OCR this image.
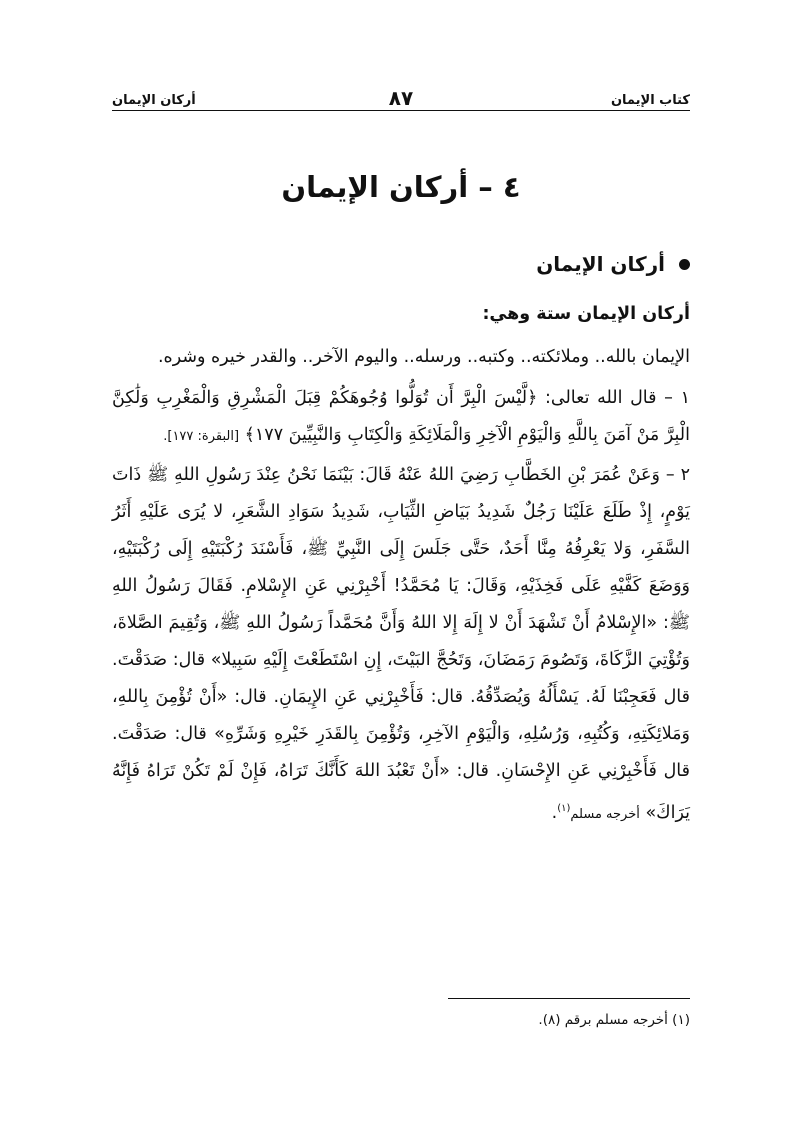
كتاب الإيمان
٨٧
أركان الإيمان
٤ – أركان الإيمان
أركان الإيمان

أركان الإيمان ستة وهي:

الإيمان بالله.. وملائكته.. وكتبه.. ورسله.. واليوم الآخر.. والقدر خيره وشره.

١ – قال الله تعالى: ﴿لَّيْسَ الْبِرَّ أَن تُوَلُّوا وُجُوهَكُمْ قِبَلَ الْمَشْرِقِ وَالْمَغْرِبِ وَلَٰكِنَّ الْبِرَّ مَنْ آمَنَ بِاللَّهِ وَالْيَوْمِ الْآخِرِ وَالْمَلَائِكَةِ وَالْكِتَابِ وَالنَّبِيِّينَ ١٧٧﴾ [البقرة: ١٧٧].

٢ – وَعَنْ عُمَرَ بْنِ الخَطَّابِ رَضِيَ اللهُ عَنْهُ قَالَ: بَيْنَمَا نَحْنُ عِنْدَ رَسُولِ اللهِ ﷺ ذَاتَ يَوْمٍ، إِذْ طَلَعَ عَلَيْنَا رَجُلٌ شَدِيدُ بَيَاضِ الثِّيَابِ، شَدِيدُ سَوَادِ الشَّعَرِ، لا يُرَى عَلَيْهِ أَثَرُ السَّفَرِ، وَلا يَعْرِفُهُ مِنَّا أَحَدٌ، حَتَّى جَلَسَ إِلَى النَّبِيِّ ﷺ، فَأَسْنَدَ رُكْبَتَيْهِ إِلَى رُكْبَتَيْهِ، وَوَضَعَ كَفَّيْهِ عَلَى فَخِذَيْهِ، وَقَالَ: يَا مُحَمَّدُ! أَخْبِرْنِي عَنِ الإِسْلامِ. فَقَالَ رَسُولُ اللهِ ﷺ: «الإِسْلامُ أَنْ تَشْهَدَ أَنْ لا إِلَهَ إِلا اللهُ وَأَنَّ مُحَمَّداً رَسُولُ اللهِ ﷺ، وَتُقِيمَ الصَّلاةَ، وَتُؤْتِيَ الزَّكَاةَ، وَتَصُومَ رَمَضَانَ، وَتَحُجَّ البَيْتَ، إِنِ اسْتَطَعْتَ إِلَيْهِ سَبِيلا» قال: صَدَقْتَ. قال فَعَجِبْنَا لَهُ. يَسْأَلُهُ وَيُصَدِّقُهُ. قال: فَأَخْبِرْنِي عَنِ الإِيمَانِ. قال: «أَنْ تُؤْمِنَ بِاللهِ، وَمَلائِكَتِهِ، وَكُتُبِهِ، وَرُسُلِهِ، وَالْيَوْمِ الآخِرِ، وَتُؤْمِنَ بِالقَدَرِ خَيْرِهِ وَشَرِّهِ» قال: صَدَقْتَ. قال فَأَخْبِرْنِي عَنِ الإِحْسَانِ. قال: «أَنْ تَعْبُدَ اللهَ كَأَنَّكَ تَرَاهُ، فَإِنْ لَمْ تَكُنْ تَرَاهُ فَإِنَّهُ يَرَاكَ» أخرجه مسلم$^{(١)}$.

(١) أخرجه مسلم برقم (٨).
